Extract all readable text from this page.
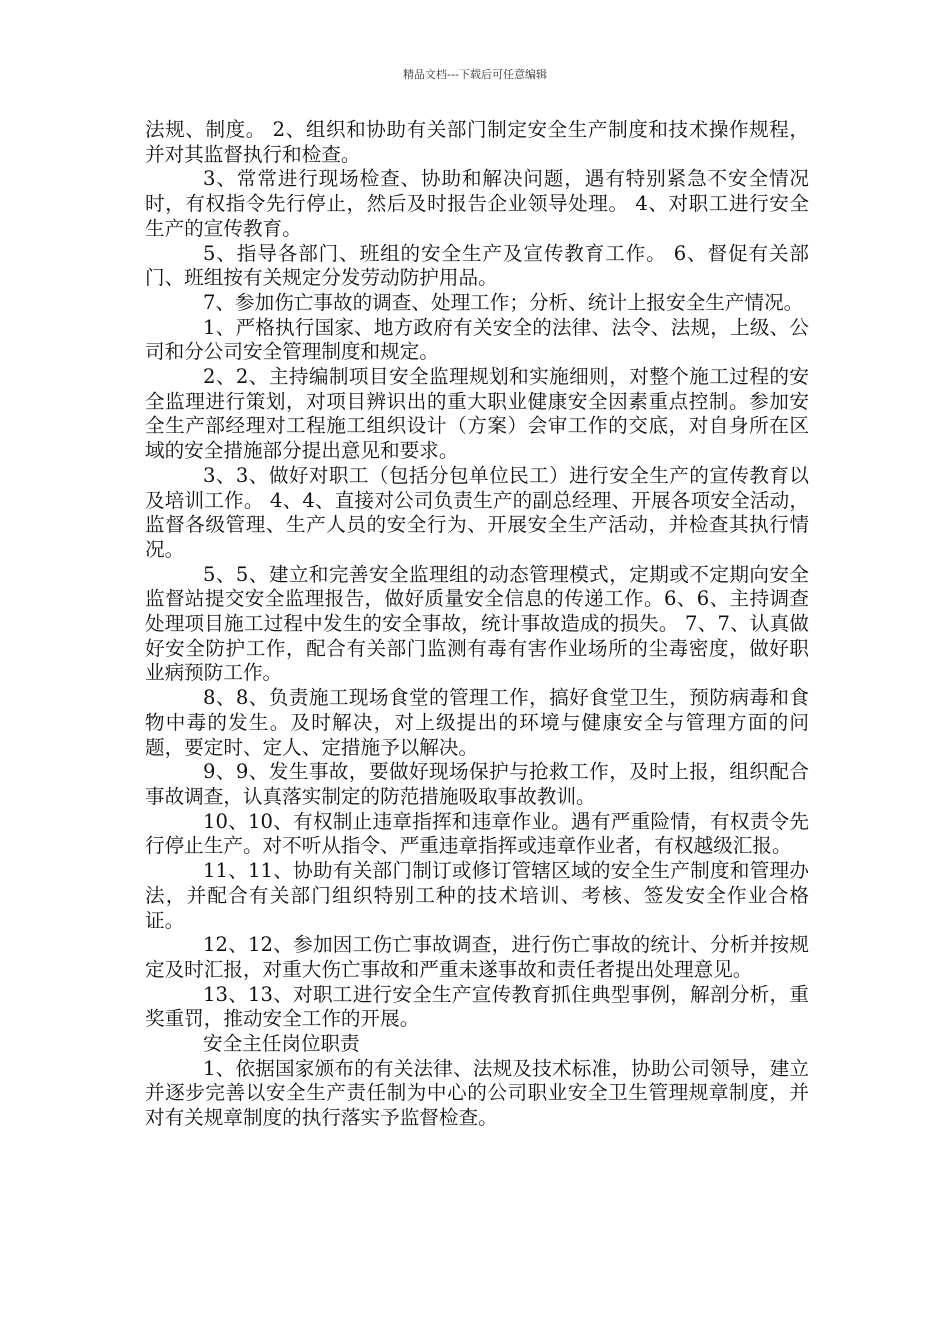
精品文档---下载后可任意编辑

法规、制度。 2、组织和协助有关部门制定安全生产制度和技术操作规程，并对其监督执行和检查。

3、常常进行现场检查、协助和解决问题，遇有特别紧急不安全情况时，有权指令先行停止，然后及时报告企业领导处理。 4、对职工进行安全生产的宣传教育。

5、指导各部门、班组的安全生产及宣传教育工作。 6、督促有关部门、班组按有关规定分发劳动防护用品。

7、参加伤亡事故的调查、处理工作；分析、统计上报安全生产情况。

1、严格执行国家、地方政府有关安全的法律、法令、法规，上级、公司和分公司安全管理制度和规定。

2、2、主持编制项目安全监理规划和实施细则，对整个施工过程的安全监理进行策划，对项目辨识出的重大职业健康安全因素重点控制。参加安全生产部经理对工程施工组织设计（方案）会审工作的交底，对自身所在区域的安全措施部分提出意见和要求。

3、3、做好对职工（包括分包单位民工）进行安全生产的宣传教育以及培训工作。 4、4、直接对公司负责生产的副总经理、开展各项安全活动，监督各级管理、生产人员的安全行为、开展安全生产活动，并检查其执行情况。

5、5、建立和完善安全监理组的动态管理模式，定期或不定期向安全监督站提交安全监理报告，做好质量安全信息的传递工作。6、6、主持调查处理项目施工过程中发生的安全事故，统计事故造成的损失。 7、7、认真做好安全防护工作，配合有关部门监测有毒有害作业场所的尘毒密度，做好职业病预防工作。

8、8、负责施工现场食堂的管理工作，搞好食堂卫生，预防病毒和食物中毒的发生。及时解决，对上级提出的环境与健康安全与管理方面的问题，要定时、定人、定措施予以解决。

9、9、发生事故，要做好现场保护与抢救工作，及时上报，组织配合事故调查，认真落实制定的防范措施吸取事故教训。

10、10、有权制止违章指挥和违章作业。遇有严重险情，有权责令先行停止生产。对不听从指令、严重违章指挥或违章作业者，有权越级汇报。

11、11、协助有关部门制订或修订管辖区域的安全生产制度和管理办法，并配合有关部门组织特别工种的技术培训、考核、签发安全作业合格证。

12、12、参加因工伤亡事故调查，进行伤亡事故的统计、分析并按规定及时汇报，对重大伤亡事故和严重未遂事故和责任者提出处理意见。

13、13、对职工进行安全生产宣传教育抓住典型事例，解剖分析，重奖重罚，推动安全工作的开展。

安全主任岗位职责

1、依据国家颁布的有关法律、法规及技术标准，协助公司领导，建立并逐步完善以安全生产责任制为中心的公司职业安全卫生管理规章制度，并对有关规章制度的执行落实予监督检查。
